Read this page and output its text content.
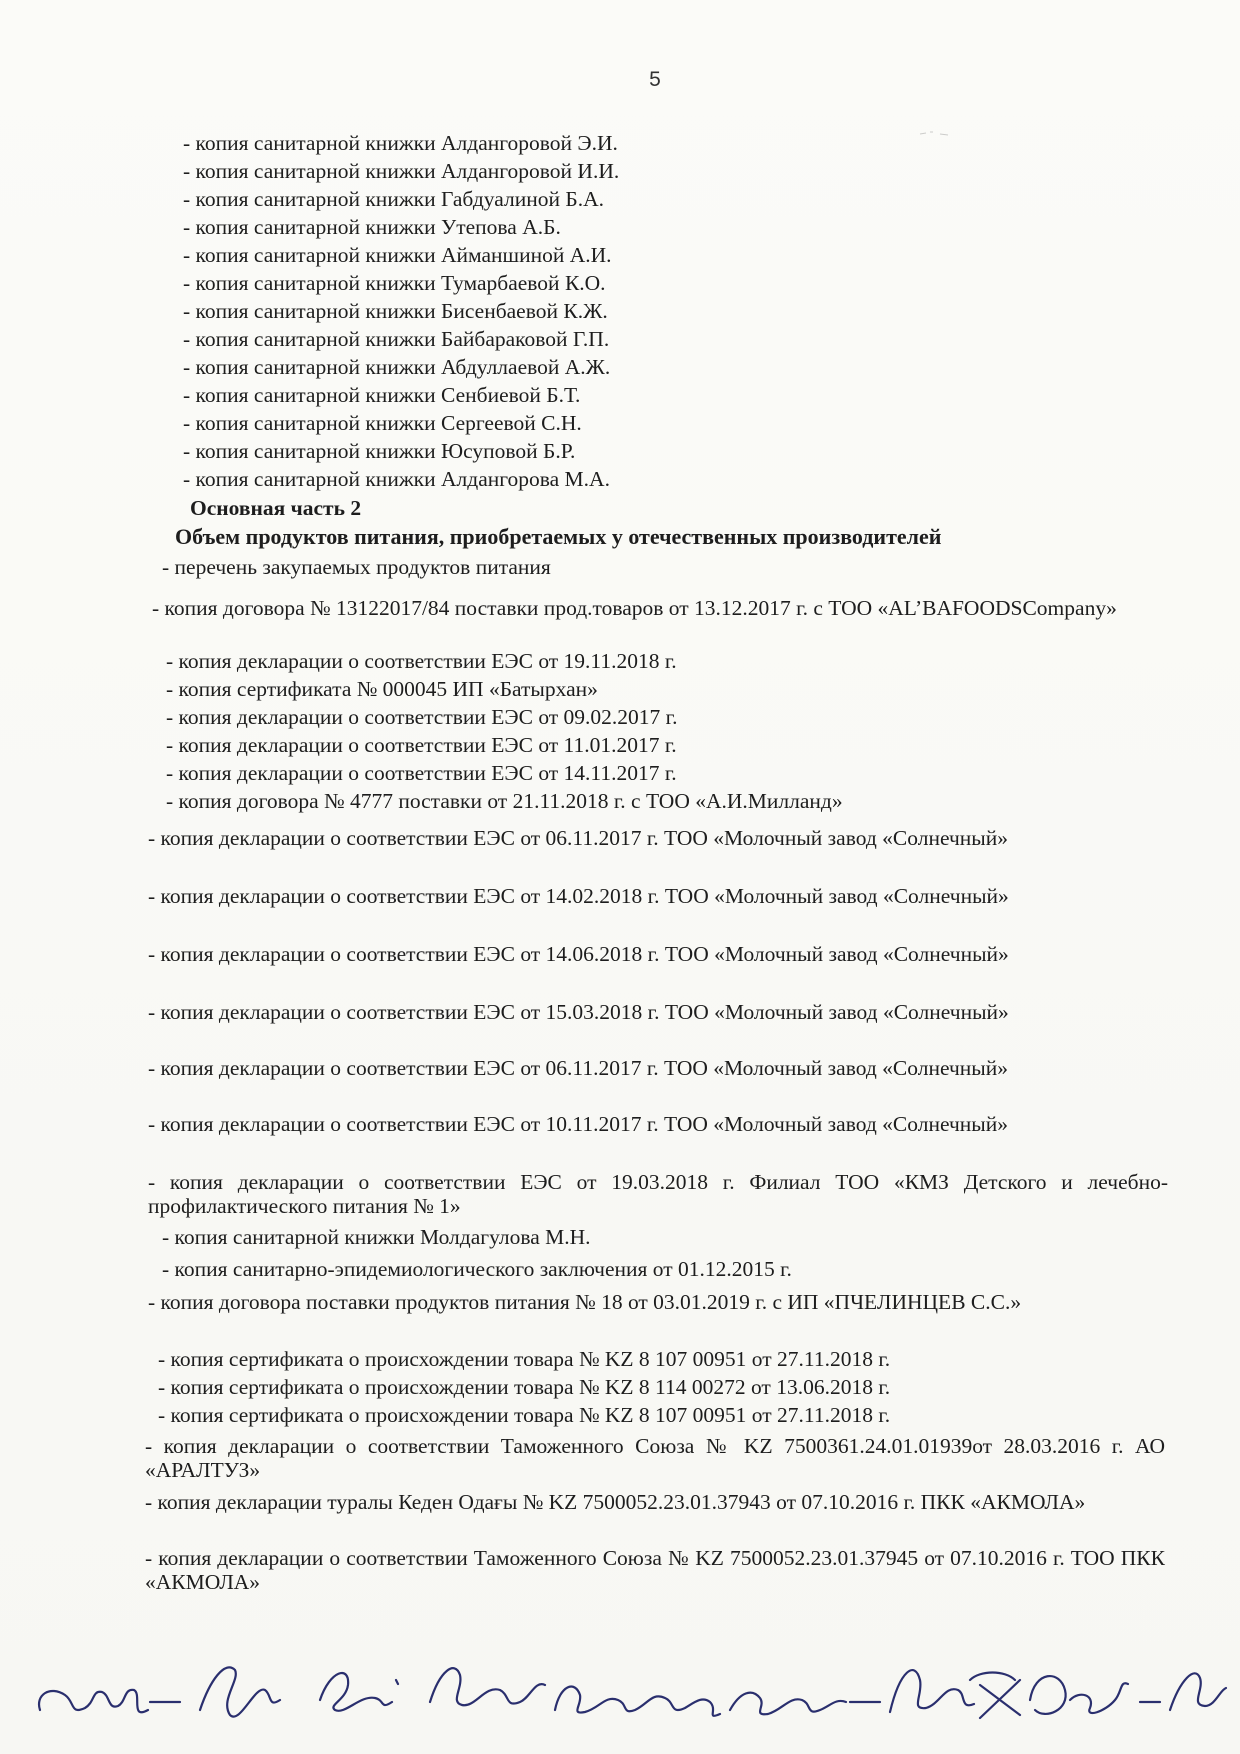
5
- копия санитарной книжки Алдангоровой Э.И.
- копия санитарной книжки Алдангоровой И.И.
- копия санитарной книжки Габдуалиной Б.А.
- копия санитарной книжки Утепова А.Б.
- копия санитарной книжки Айманшиной А.И.
- копия санитарной книжки Тумарбаевой К.О.
- копия санитарной книжки Бисенбаевой К.Ж.
- копия санитарной книжки Байбараковой Г.П.
- копия санитарной книжки Абдуллаевой А.Ж.
- копия санитарной книжки Сенбиевой Б.Т.
- копия санитарной книжки Сергеевой С.Н.
- копия санитарной книжки Юсуповой Б.Р.
- копия санитарной книжки Алдангорова М.А.
Основная часть 2
Объем продуктов питания, приобретаемых у отечественных производителей
- перечень закупаемых продуктов питания
- копия договора № 13122017/84 поставки прод.товаров от 13.12.2017 г. с ТОО «AL’BAFOODSCompany»
- копия декларации о соответствии ЕЭС от 19.11.2018 г.
- копия сертификата № 000045 ИП «Батырхан»
- копия декларации о соответствии ЕЭС от 09.02.2017 г.
- копия декларации о соответствии ЕЭС от 11.01.2017 г.
- копия декларации о соответствии ЕЭС от 14.11.2017 г.
- копия договора № 4777 поставки от 21.11.2018 г. с ТОО «А.И.Милланд»
- копия декларации о соответствии ЕЭС от 06.11.2017 г. ТОО «Молочный завод «Солнечный»
- копия декларации о соответствии ЕЭС от 14.02.2018 г. ТОО «Молочный завод «Солнечный»
- копия декларации о соответствии ЕЭС от 14.06.2018 г. ТОО «Молочный завод «Солнечный»
- копия декларации о соответствии ЕЭС от 15.03.2018 г. ТОО «Молочный завод «Солнечный»
- копия декларации о соответствии ЕЭС от 06.11.2017 г. ТОО «Молочный завод «Солнечный»
- копия декларации о соответствии ЕЭС от 10.11.2017 г. ТОО «Молочный завод «Солнечный»
- копия декларации о соответствии ЕЭС от 19.03.2018 г. Филиал ТОО «КМЗ Детского и лечебно-профилактического питания № 1»
- копия санитарной книжки Молдагулова М.Н.
- копия санитарно-эпидемиологического заключения от 01.12.2015 г.
- копия договора поставки продуктов питания № 18 от 03.01.2019 г. с ИП «ПЧЕЛИНЦЕВ С.С.»
- копия сертификата о происхождении товара № KZ 8 107 00951 от 27.11.2018 г.
- копия сертификата о происхождении товара № KZ 8 114 00272 от 13.06.2018 г.
- копия сертификата о происхождении товара № KZ 8 107 00951 от 27.11.2018 г.
- копия декларации о соответствии Таможенного Союза № KZ 7500361.24.01.01939от 28.03.2016 г. АО «АРАЛТУЗ»
- копия декларации туралы Кеден Одағы № KZ 7500052.23.01.37943 от 07.10.2016 г. ПКК «АКМОЛА»
- копия декларации о соответствии Таможенного Союза № KZ 7500052.23.01.37945 от 07.10.2016 г. ТОО ПКК «АКМОЛА»
